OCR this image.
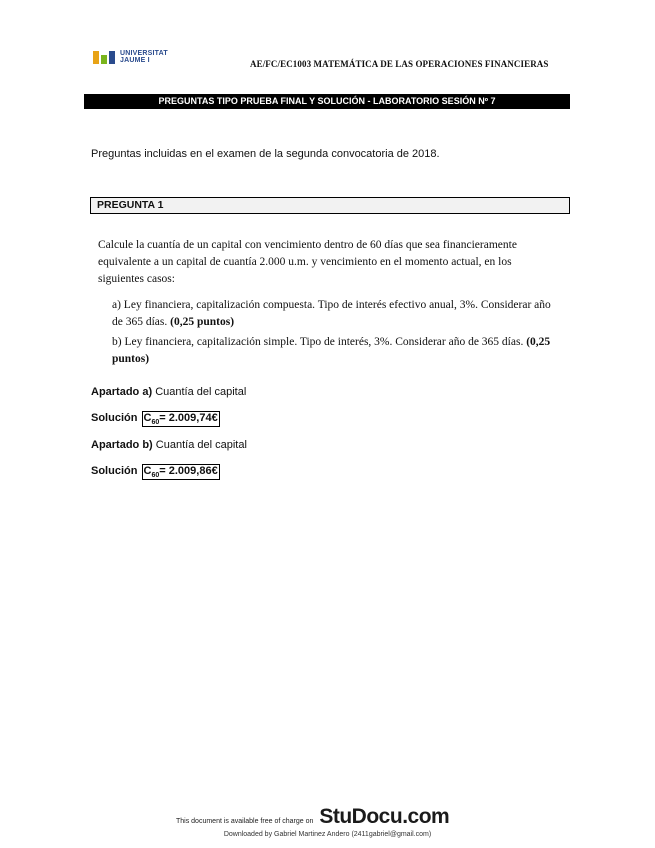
UNIVERSITAT
JAUME I	AE/FC/EC1003 MATEMÁTICA DE LAS OPERACIONES FINANCIERAS
PREGUNTAS TIPO PRUEBA FINAL Y SOLUCIÓN - LABORATORIO SESIÓN Nº 7
Preguntas incluidas en el examen de la segunda convocatoria de 2018.
PREGUNTA 1
Calcule la cuantía de un capital con vencimiento dentro de 60 días que sea financieramente equivalente a un capital de cuantía 2.000 u.m. y vencimiento en el momento actual, en los siguientes casos:
a) Ley financiera, capitalización compuesta. Tipo de interés efectivo anual, 3%. Considerar año de 365 días. (0,25 puntos)
b) Ley financiera, capitalización simple. Tipo de interés, 3%. Considerar año de 365 días. (0,25 puntos)
Apartado a) Cuantía del capital
Solución $C_{60}=$ 2.009,74€
Apartado b) Cuantía del capital
Solución $C_{60}=$ 2.009,86€
This document is available free of charge on StuDocu.com
Downloaded by Gabriel Martinez Andero (2411gabriel@gmail.com)
